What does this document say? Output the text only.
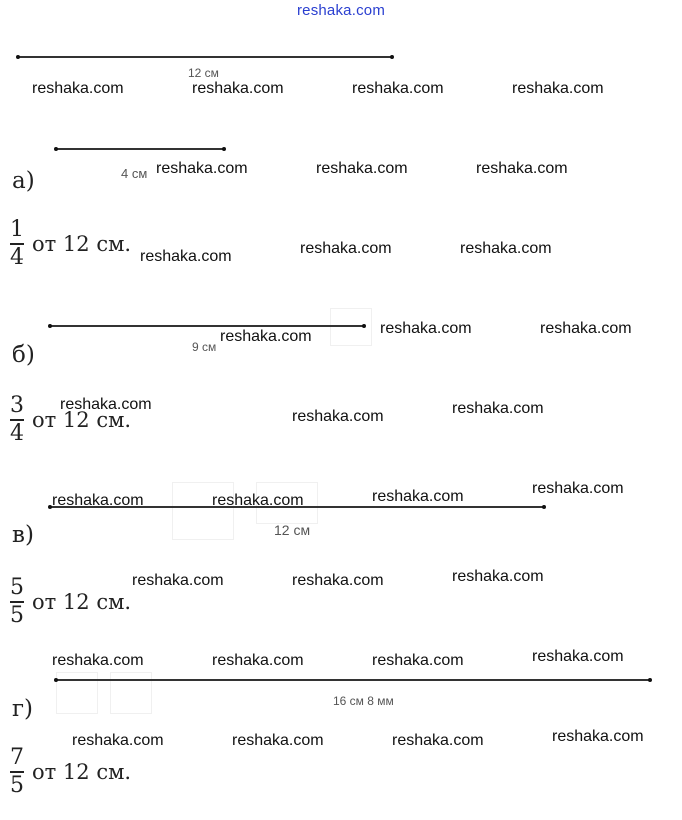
reshaka.com
12 см
4 см
а)
1
4
от 12 см.
9 см
б)
3
4
от 12 см.
12 см
в)
5
5
от 12 см.
16 см 8 мм
г)
7
5
от 12 см.
reshaka.com	reshaka.com	reshaka.com	reshaka.com
reshaka.com	reshaka.com	reshaka.com
reshaka.com	reshaka.com	reshaka.com
reshaka.com	reshaka.com	reshaka.com
reshaka.com
reshaka.com	reshaka.com
reshaka.com	reshaka.com	reshaka.com	reshaka.com
reshaka.com	reshaka.com	reshaka.com
reshaka.com	reshaka.com	reshaka.com	reshaka.com
reshaka.com	reshaka.com	reshaka.com	reshaka.com
